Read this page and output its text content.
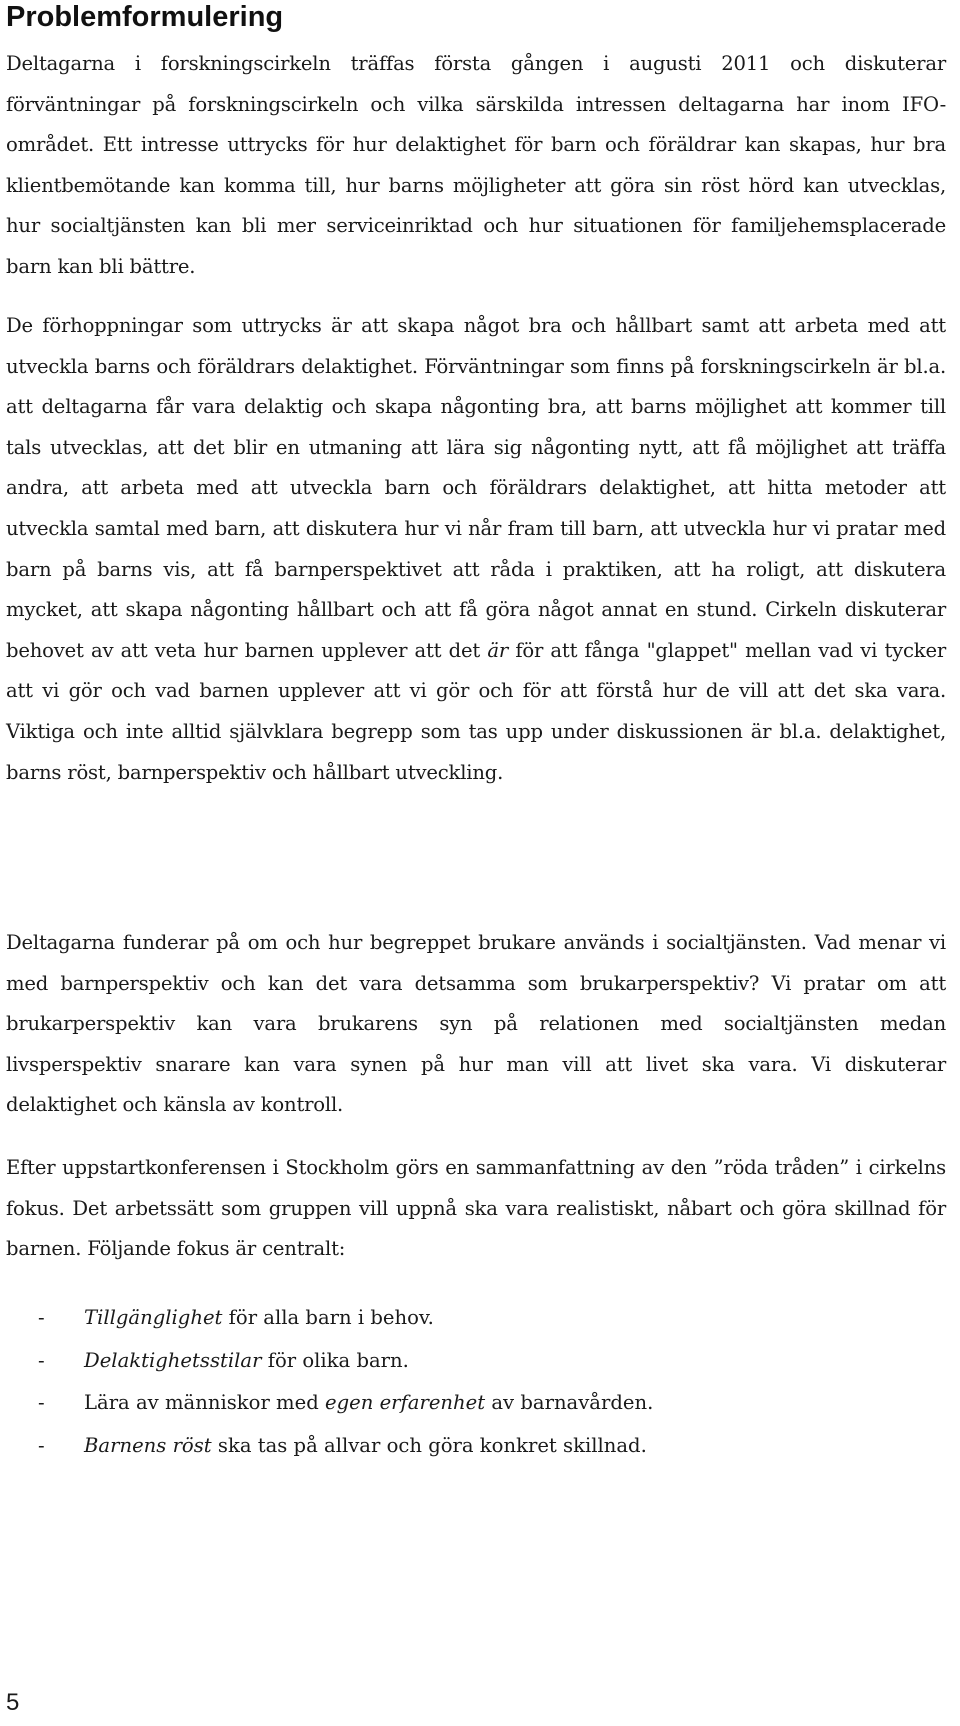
Problemformulering

Deltagarna i forskningscirkeln träffas första gången i augusti 2011 och diskuterar förväntningar på forskningscirkeln och vilka särskilda intressen deltagarna har inom IFO-området. Ett intresse uttrycks för hur delaktighet för barn och föräldrar kan skapas, hur bra klientbemötande kan komma till, hur barns möjligheter att göra sin röst hörd kan utvecklas, hur socialtjänsten kan bli mer serviceinriktad och hur situationen för familjehemsplacerade barn kan bli bättre.

De förhoppningar som uttrycks är att skapa något bra och hållbart samt att arbeta med att utveckla barns och föräldrars delaktighet. Förväntningar som finns på forskningscirkeln är bl.a. att deltagarna får vara delaktig och skapa någonting bra, att barns möjlighet att kommer till tals utvecklas, att det blir en utmaning att lära sig någonting nytt, att få möjlighet att träffa andra, att arbeta med att utveckla barn och föräldrars delaktighet, att hitta metoder att utveckla samtal med barn, att diskutera hur vi når fram till barn, att utveckla hur vi pratar med barn på barns vis, att få barnperspektivet att råda i praktiken, att ha roligt, att diskutera mycket, att skapa någonting hållbart och att få göra något annat en stund. Cirkeln diskuterar behovet av att veta hur barnen upplever att det är för att fånga "glappet" mellan vad vi tycker att vi gör och vad barnen upplever att vi gör och för att förstå hur de vill att det ska vara. Viktiga och inte alltid självklara begrepp som tas upp under diskussionen är bl.a. delaktighet, barns röst, barnperspektiv och hållbart utveckling.

Deltagarna funderar på om och hur begreppet brukare används i socialtjänsten. Vad menar vi med barnperspektiv och kan det vara detsamma som brukarperspektiv? Vi pratar om att brukarperspektiv kan vara brukarens syn på relationen med socialtjänsten medan livsperspektiv snarare kan vara synen på hur man vill att livet ska vara. Vi diskuterar delaktighet och känsla av kontroll.

Efter uppstartkonferensen i Stockholm görs en sammanfattning av den ”röda tråden” i cirkelns fokus. Det arbetssätt som gruppen vill uppnå ska vara realistiskt, nåbart och göra skillnad för barnen. Följande fokus är centralt:

- Tillgänglighet för alla barn i behov.
- Delaktighetsstilar för olika barn.
- Lära av människor med egen erfarenhet av barnavården.
- Barnens röst ska tas på allvar och göra konkret skillnad.
5
